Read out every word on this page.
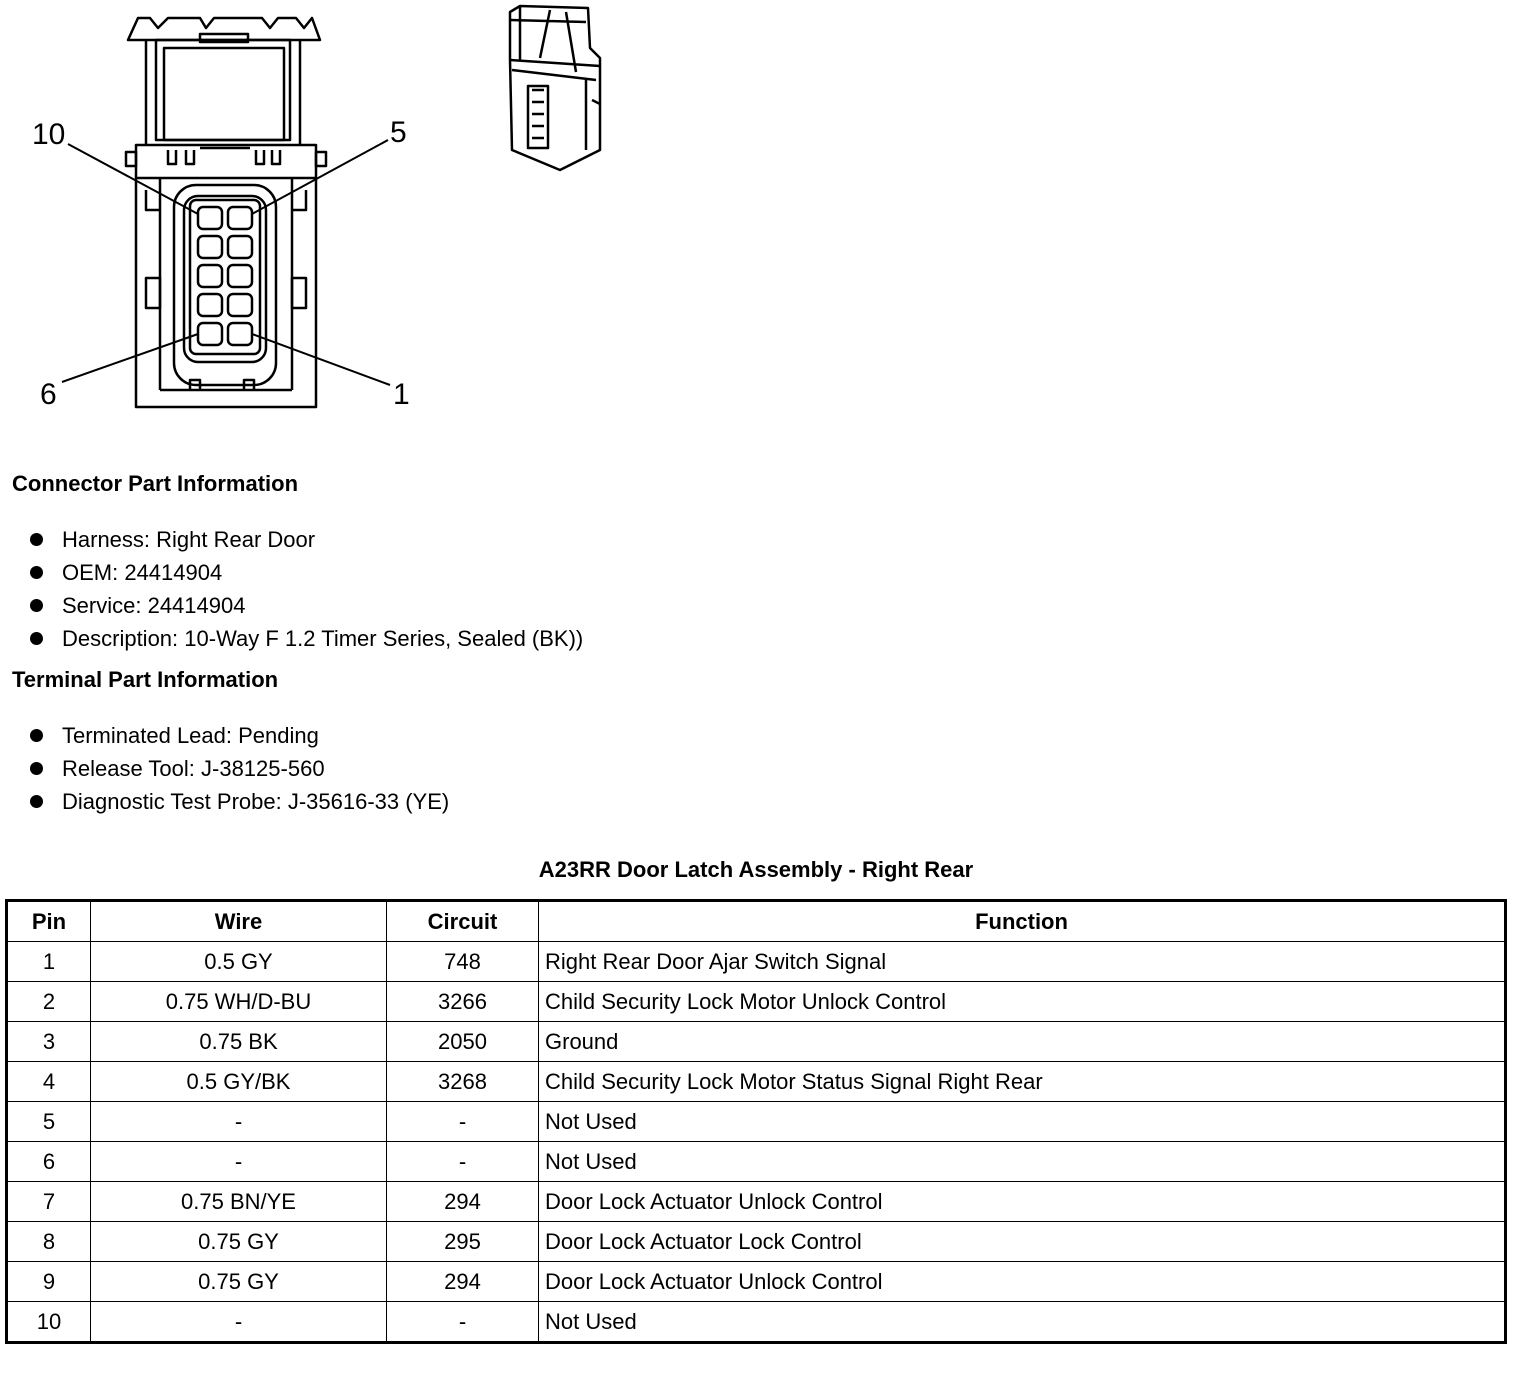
10	5
6	1
Connector Part Information
Harness: Right Rear Door
OEM: 24414904
Service: 24414904
Description: 10-Way F 1.2 Timer Series, Sealed (BK))
Terminal Part Information
Terminated Lead: Pending
Release Tool: J-38125-560
Diagnostic Test Probe: J-35616-33 (YE)
A23RR Door Latch Assembly - Right Rear
Pin	Wire	Circuit	Function
1	0.5 GY	748	Right Rear Door Ajar Switch Signal
2	0.75 WH/D-BU	3266	Child Security Lock Motor Unlock Control
3	0.75 BK	2050	Ground
4	0.5 GY/BK	3268	Child Security Lock Motor Status Signal Right Rear
5	-	-	Not Used
6	-	-	Not Used
7	0.75 BN/YE	294	Door Lock Actuator Unlock Control
8	0.75 GY	295	Door Lock Actuator Lock Control
9	0.75 GY	294	Door Lock Actuator Unlock Control
10	-	-	Not Used
